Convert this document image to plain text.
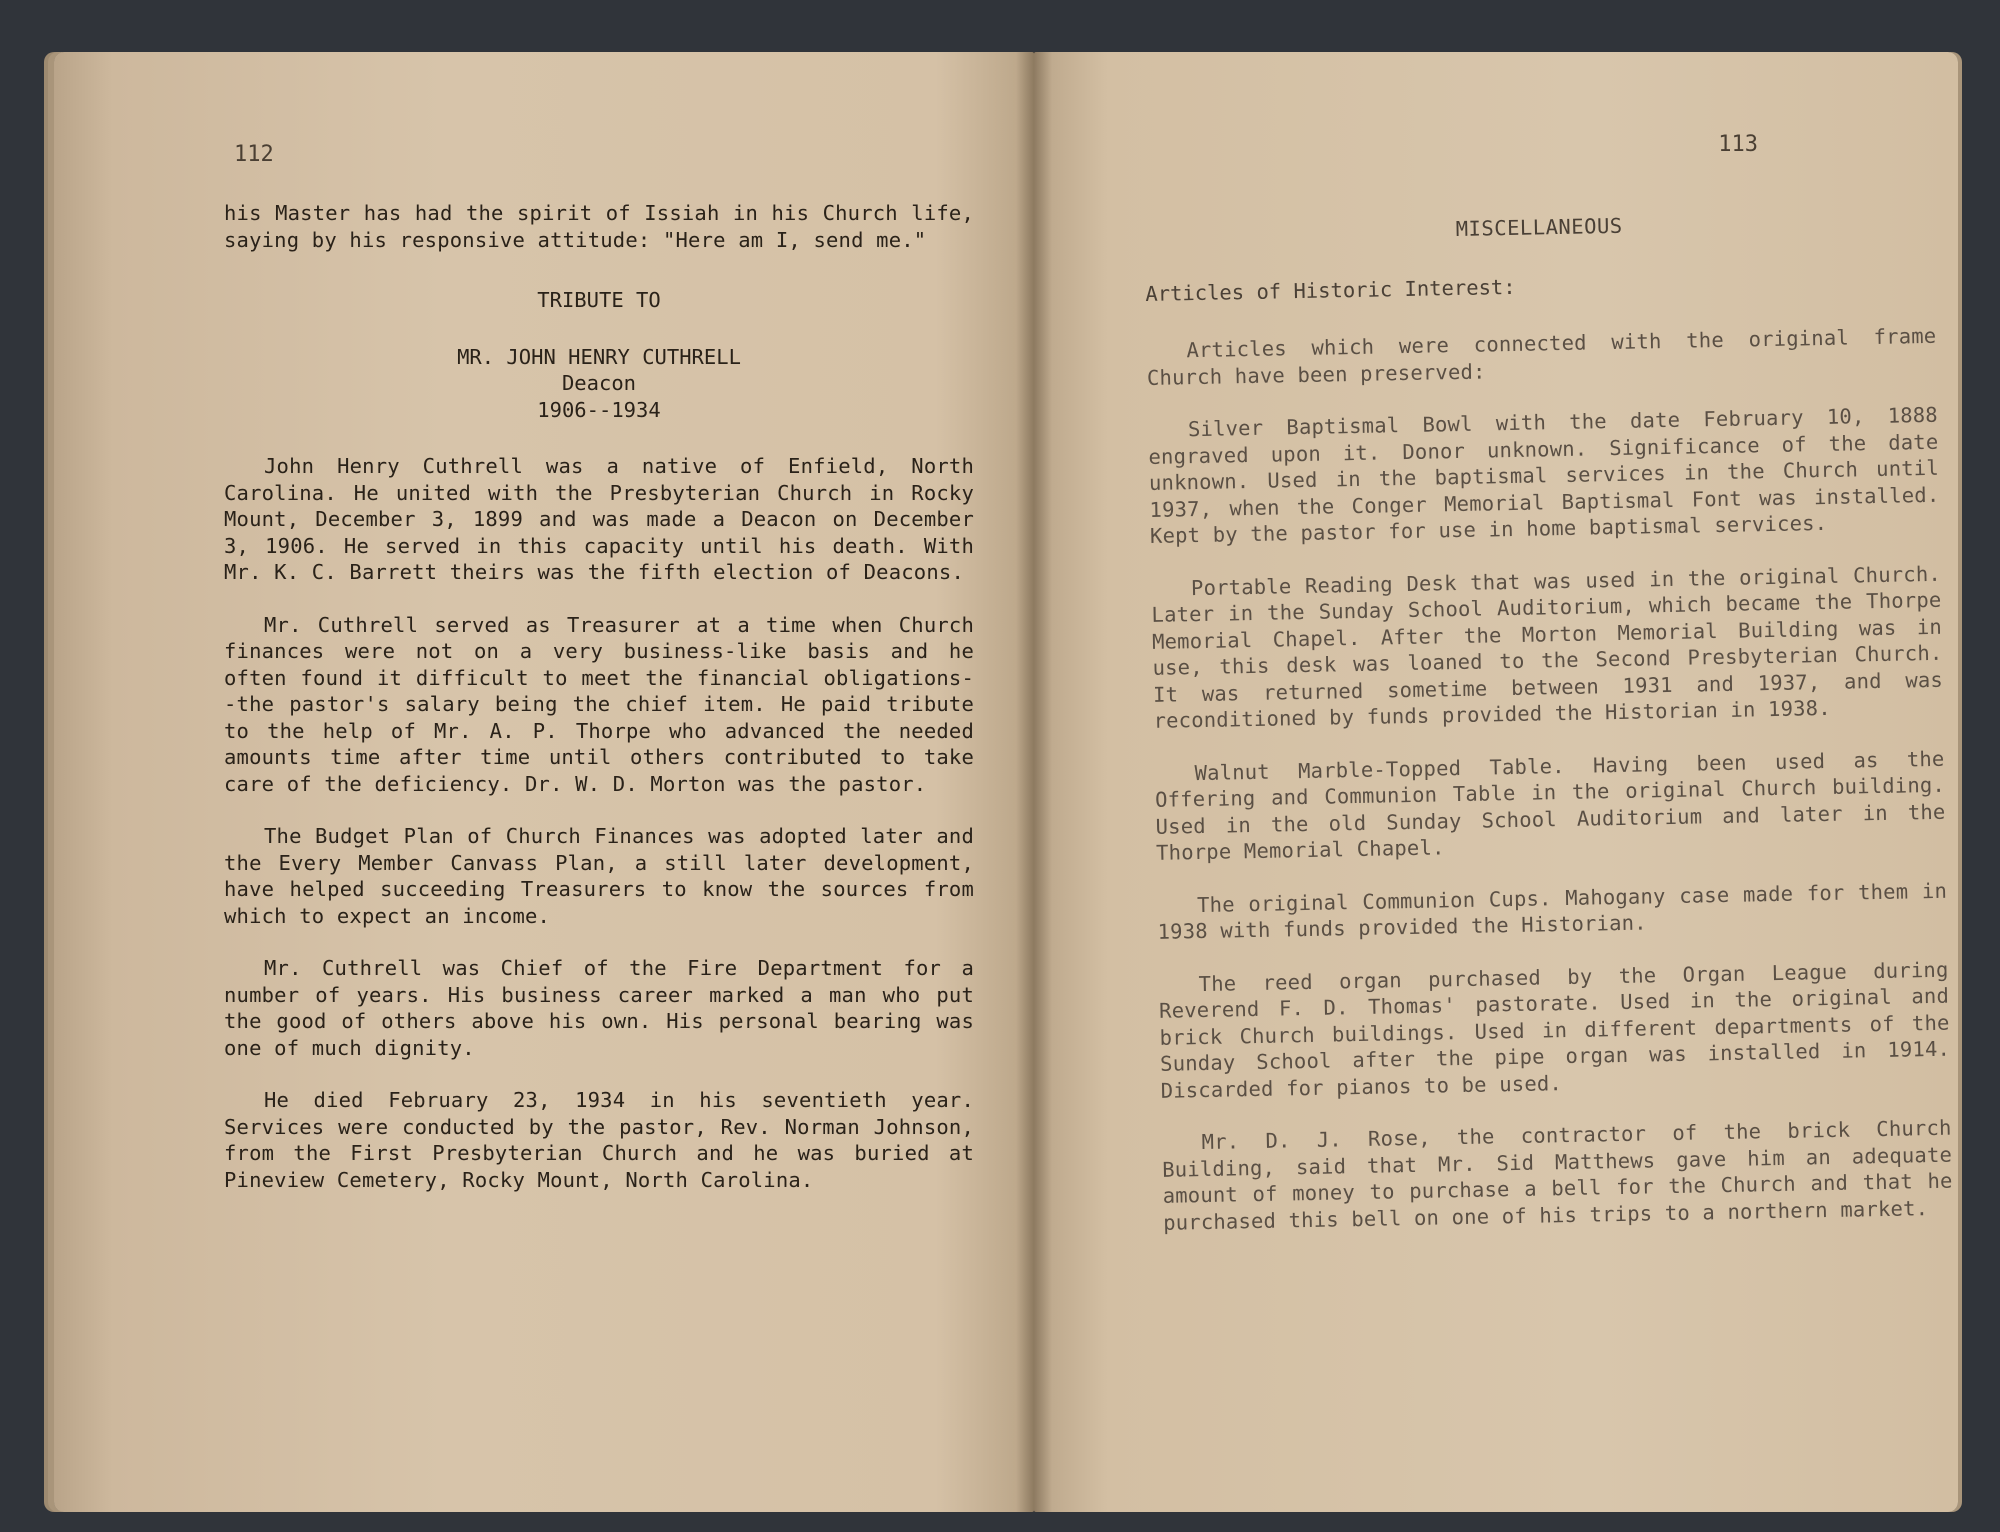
112

his Master has had the spirit of Issiah in his Church life, saying by his responsive attitude: "Here am I, send me."

TRIBUTE TO
MR. JOHN HENRY CUTHRELL
Deacon
1906--1934

John Henry Cuthrell was a native of Enfield, North Carolina. He united with the Presbyterian Church in Rocky Mount, December 3, 1899 and was made a Deacon on December 3, 1906. He served in this capacity until his death. With Mr. K. C. Barrett theirs was the fifth election of Deacons.

Mr. Cuthrell served as Treasurer at a time when Church finances were not on a very business-like basis and he often found it difficult to meet the financial obligations--the pastor's salary being the chief item. He paid tribute to the help of Mr. A. P. Thorpe who advanced the needed amounts time after time until others contributed to take care of the deficiency. Dr. W. D. Morton was the pastor.

The Budget Plan of Church Finances was adopted later and the Every Member Canvass Plan, a still later development, have helped succeeding Treasurers to know the sources from which to expect an income.

Mr. Cuthrell was Chief of the Fire Department for a number of years. His business career marked a man who put the good of others above his own. His personal bearing was one of much dignity.

He died February 23, 1934 in his seventieth year. Services were conducted by the pastor, Rev. Norman Johnson, from the First Presbyterian Church and he was buried at Pineview Cemetery, Rocky Mount, North Carolina.

113
MISCELLANEOUS
Articles of Historic Interest:

Articles which were connected with the original frame Church have been preserved:

Silver Baptismal Bowl with the date February 10, 1888 engraved upon it. Donor unknown. Significance of the date unknown. Used in the baptismal services in the Church until 1937, when the Conger Memorial Baptismal Font was installed. Kept by the pastor for use in home baptismal services.

Portable Reading Desk that was used in the original Church. Later in the Sunday School Auditorium, which became the Thorpe Memorial Chapel. After the Morton Memorial Building was in use, this desk was loaned to the Second Presbyterian Church. It was returned sometime between 1931 and 1937, and was reconditioned by funds provided the Historian in 1938.

Walnut Marble-Topped Table. Having been used as the Offering and Communion Table in the original Church building. Used in the old Sunday School Auditorium and later in the Thorpe Memorial Chapel.

The original Communion Cups. Mahogany case made for them in 1938 with funds provided the Historian.

The reed organ purchased by the Organ League during Reverend F. D. Thomas' pastorate. Used in the original and brick Church buildings. Used in different departments of the Sunday School after the pipe organ was installed in 1914. Discarded for pianos to be used.

Mr. D. J. Rose, the contractor of the brick Church Building, said that Mr. Sid Matthews gave him an adequate amount of money to purchase a bell for the Church and that he purchased this bell on one of his trips to a northern market.
